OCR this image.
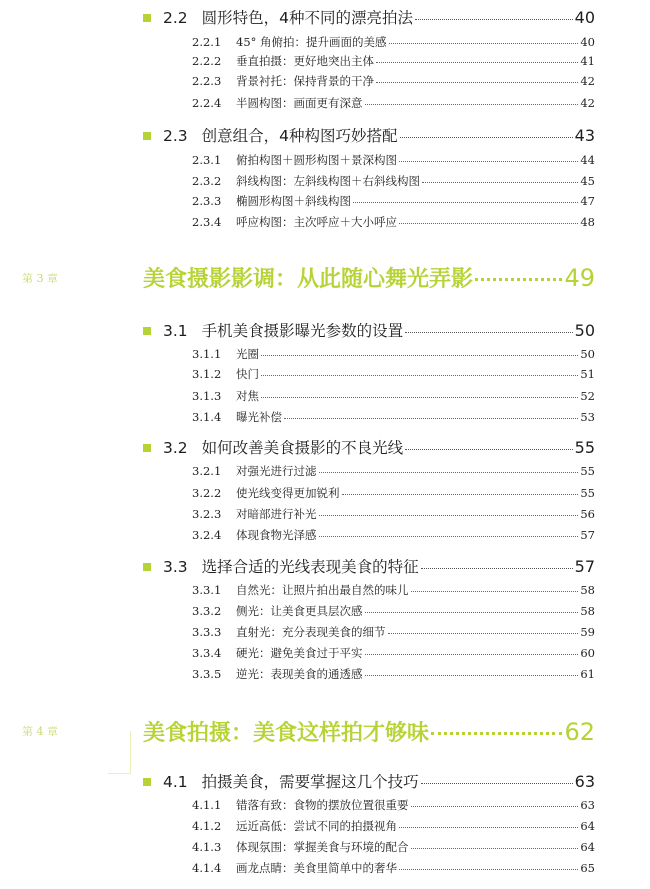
2.2 圆形特色，4种不同的漂亮拍法	40
2.2.1	45° 角俯拍：提升画面的美感	40
2.2.2	垂直拍摄：更好地突出主体	41
2.2.3	背景衬托：保持背景的干净	42
2.2.4	半圆构图：画面更有深意	42
2.3 创意组合，4种构图巧妙搭配	43
2.3.1	俯拍构图＋圆形构图＋景深构图	44
2.3.2	斜线构图：左斜线构图＋右斜线构图	45
2.3.3	椭圆形构图＋斜线构图	47
2.3.4	呼应构图：主次呼应＋大小呼应	48
第 3 章	美食摄影影调：从此随心舞光弄影	49
3.1 手机美食摄影曝光参数的设置	50
3.1.1	光圈	50
3.1.2	快门	51
3.1.3	对焦	52
3.1.4	曝光补偿	53
3.2 如何改善美食摄影的不良光线	55
3.2.1	对强光进行过滤	55
3.2.2	使光线变得更加锐利	55
3.2.3	对暗部进行补光	56
3.2.4	体现食物光泽感	57
3.3 选择合适的光线表现美食的特征	57
3.3.1	自然光：让照片拍出最自然的味儿	58
3.3.2	侧光：让美食更具层次感	58
3.3.3	直射光：充分表现美食的细节	59
3.3.4	硬光：避免美食过于平实	60
3.3.5	逆光：表现美食的通透感	61
第 4 章	美食拍摄：美食这样拍才够味	62
4.1 拍摄美食，需要掌握这几个技巧	63
4.1.1	错落有致：食物的摆放位置很重要	63
4.1.2	远近高低：尝试不同的拍摄视角	64
4.1.3	体现氛围：掌握美食与环境的配合	64
4.1.4	画龙点睛：美食里简单中的奢华	65
